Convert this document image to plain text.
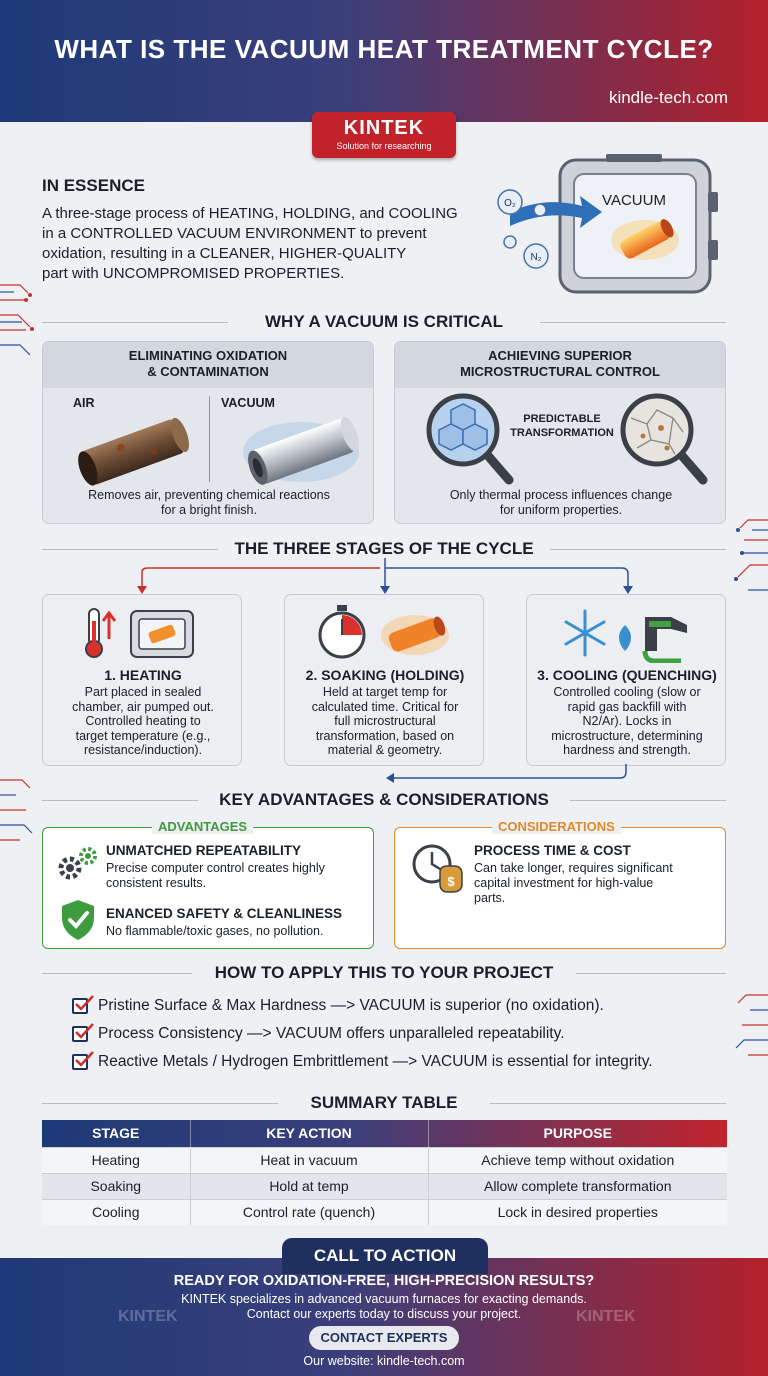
WHAT IS THE VACUUM HEAT TREATMENT CYCLE?
kindle-tech.com
KINTEK
Solution for researching
IN ESSENCE
A three-stage process of HEATING, HOLDING, and COOLING
in a CONTROLLED VACUUM ENVIRONMENT to prevent
oxidation, resulting in a CLEANER, HIGHER-QUALITY
part with UNCOMPROMISED PROPERTIES.
O₂
N₂
VACUUM
WHY A VACUUM IS CRITICAL
ELIMINATING OXIDATION
& CONTAMINATION
AIR	VACUUM
Removes air, preventing chemical reactions
for a bright finish.
ACHIEVING SUPERIOR
MICROSTRUCTURAL CONTROL
PREDICTABLE
TRANSFORMATION
Only thermal process influences change
for uniform properties.
THE THREE STAGES OF THE CYCLE
1. HEATING
Part placed in sealed
chamber, air pumped out.
Controlled heating to
target temperature (e.g.,
resistance/induction).
2. SOAKING (HOLDING)
Held at target temp for
calculated time. Critical for
full microstructural
transformation, based on
material & geometry.
3. COOLING (QUENCHING)
Controlled cooling (slow or
rapid gas backfill with
N2/Ar). Locks in
microstructure, determining
hardness and strength.
KEY ADVANTAGES & CONSIDERATIONS
ADVANTAGES
UNMATCHED REPEATABILITY
Precise computer control creates highly
consistent results.
ENANCED SAFETY & CLEANLINESS
No flammable/toxic gases, no pollution.
CONSIDERATIONS
$
PROCESS TIME & COST
Can take longer, requires significant
capital investment for high-value
parts.
HOW TO APPLY THIS TO YOUR PROJECT
Pristine Surface & Max Hardness —> VACUUM is superior (no oxidation).
Process Consistency —> VACUUM offers unparalleled repeatability.
Reactive Metals / Hydrogen Embrittlement —> VACUUM is essential for integrity.
SUMMARY TABLE
STAGE	KEY ACTION	PURPOSE
Heating	Heat in vacuum	Achieve temp without oxidation
Soaking	Hold at temp	Allow complete transformation
Cooling	Control rate (quench)	Lock in desired properties
CALL TO ACTION
READY FOR OXIDATION-FREE, HIGH-PRECISION RESULTS?
KINTEK specializes in advanced vacuum furnaces for exacting demands.
Contact our experts today to discuss your project.
KINTEK	KINTEK
CONTACT EXPERTS
Our website: kindle-tech.com
